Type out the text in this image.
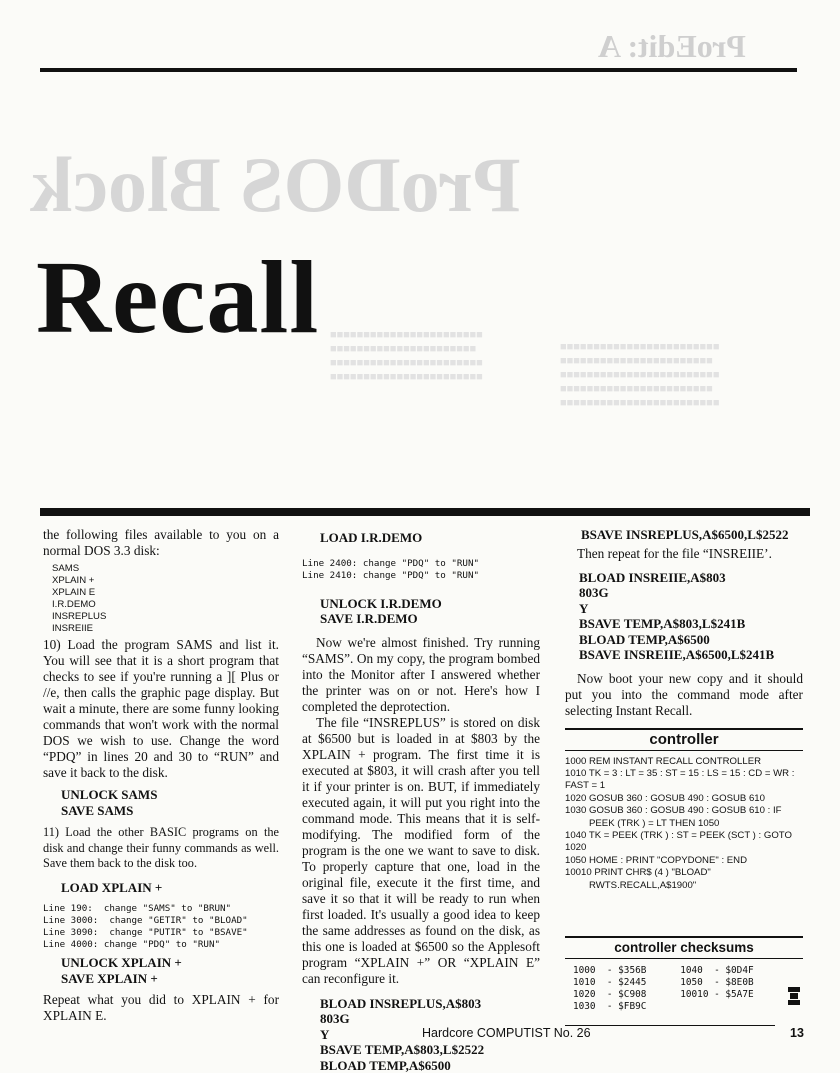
ProEdit: A
ProDOS Block
Recall ■■■■■■■■■■■■■■■■■■■■■■■
■■■■■■■■■■■■■■■■■■■■■■
■■■■■■■■■■■■■■■■■■■■■■■
■■■■■■■■■■■■■■■■■■■■■■■
■■■■■■■■■■■■■■■■■■■■■■■■
■■■■■■■■■■■■■■■■■■■■■■■
■■■■■■■■■■■■■■■■■■■■■■■■
■■■■■■■■■■■■■■■■■■■■■■■
■■■■■■■■■■■■■■■■■■■■■■■■

the following files available to you on a normal DOS 3.3 disk:

SAMS
XPLAIN +
XPLAIN E
I.R.DEMO
INSREPLUS
INSREIIE

10) Load the program SAMS and list it. You will see that it is a short program that checks to see if you're running a ][ Plus or //e, then calls the graphic page display. But wait a minute, there are some funny looking commands that won't work with the normal DOS we wish to use. Change the word “PDQ” in lines 20 and 30 to “RUN” and save it back to the disk.

UNLOCK SAMS
SAVE SAMS

11) Load the other BASIC programs on the disk and change their funny commands as well. Save them back to the disk too.

LOAD XPLAIN +
Line 190:  change "SAMS" to "BRUN"
Line 3000:  change "GETIR" to "BLOAD"
Line 3090:  change "PUTIR" to "BSAVE"
Line 4000: change "PDQ" to "RUN"
UNLOCK XPLAIN +
SAVE XPLAIN +

Repeat what you did to XPLAIN + for XPLAIN E.

LOAD I.R.DEMO
Line 2400: change "PDQ" to "RUN"
Line 2410: change "PDQ" to "RUN"
UNLOCK I.R.DEMO
SAVE I.R.DEMO

Now we're almost finished. Try running “SAMS”. On my copy, the program bombed into the Monitor after I answered whether the printer was on or not. Here's how I completed the deprotection.

The file “INSREPLUS” is stored on disk at $6500 but is loaded in at $803 by the XPLAIN + program. The first time it is executed at $803, it will crash after you tell it if your printer is on. BUT, if immediately executed again, it will put you right into the command mode. This means that it is self-modifying. The modified form of the program is the one we want to save to disk. To properly capture that one, load in the original file, execute it the first time, and save it so that it will be ready to run when first loaded. It's usually a good idea to keep the same addresses as found on the disk, as this one is loaded at $6500 so the Applesoft program “XPLAIN +” OR “XPLAIN E” can reconfigure it.

BLOAD INSREPLUS,A$803
803G
Y
BSAVE TEMP,A$803,L$2522
BLOAD TEMP,A$6500
BSAVE INSREPLUS,A$6500,L$2522

Then repeat for the file “INSREIIE’.

BLOAD INSREIIE,A$803
803G
Y
BSAVE TEMP,A$803,L$241B
BLOAD TEMP,A$6500
BSAVE INSREIIE,A$6500,L$241B

Now boot your new copy and it should put you into the command mode after selecting Instant Recall.

controller
1000 REM INSTANT RECALL CONTROLLER
1010 TK = 3 : LT = 35 : ST = 15 : LS = 15 : CD = WR : FAST = 1
1020 GOSUB 360 : GOSUB 490 : GOSUB 610
1030 GOSUB 360 : GOSUB 490 : GOSUB 610 : IF PEEK (TRK ) = LT THEN 1050
1040 TK = PEEK (TRK ) : ST = PEEK (SCT ) : GOTO 1020
1050 HOME : PRINT "COPYDONE" : END
10010 PRINT CHR$ (4 ) "BLOAD" RWTS.RECALL,A$1900"
controller checksums
1000  - $356B      1040  - $0D4F
1010  - $2445      1050  - $8E0B
1020  - $C908      10010 - $5A7E
1030  - $FB9C
Hardcore COMPUTIST No. 26	13
